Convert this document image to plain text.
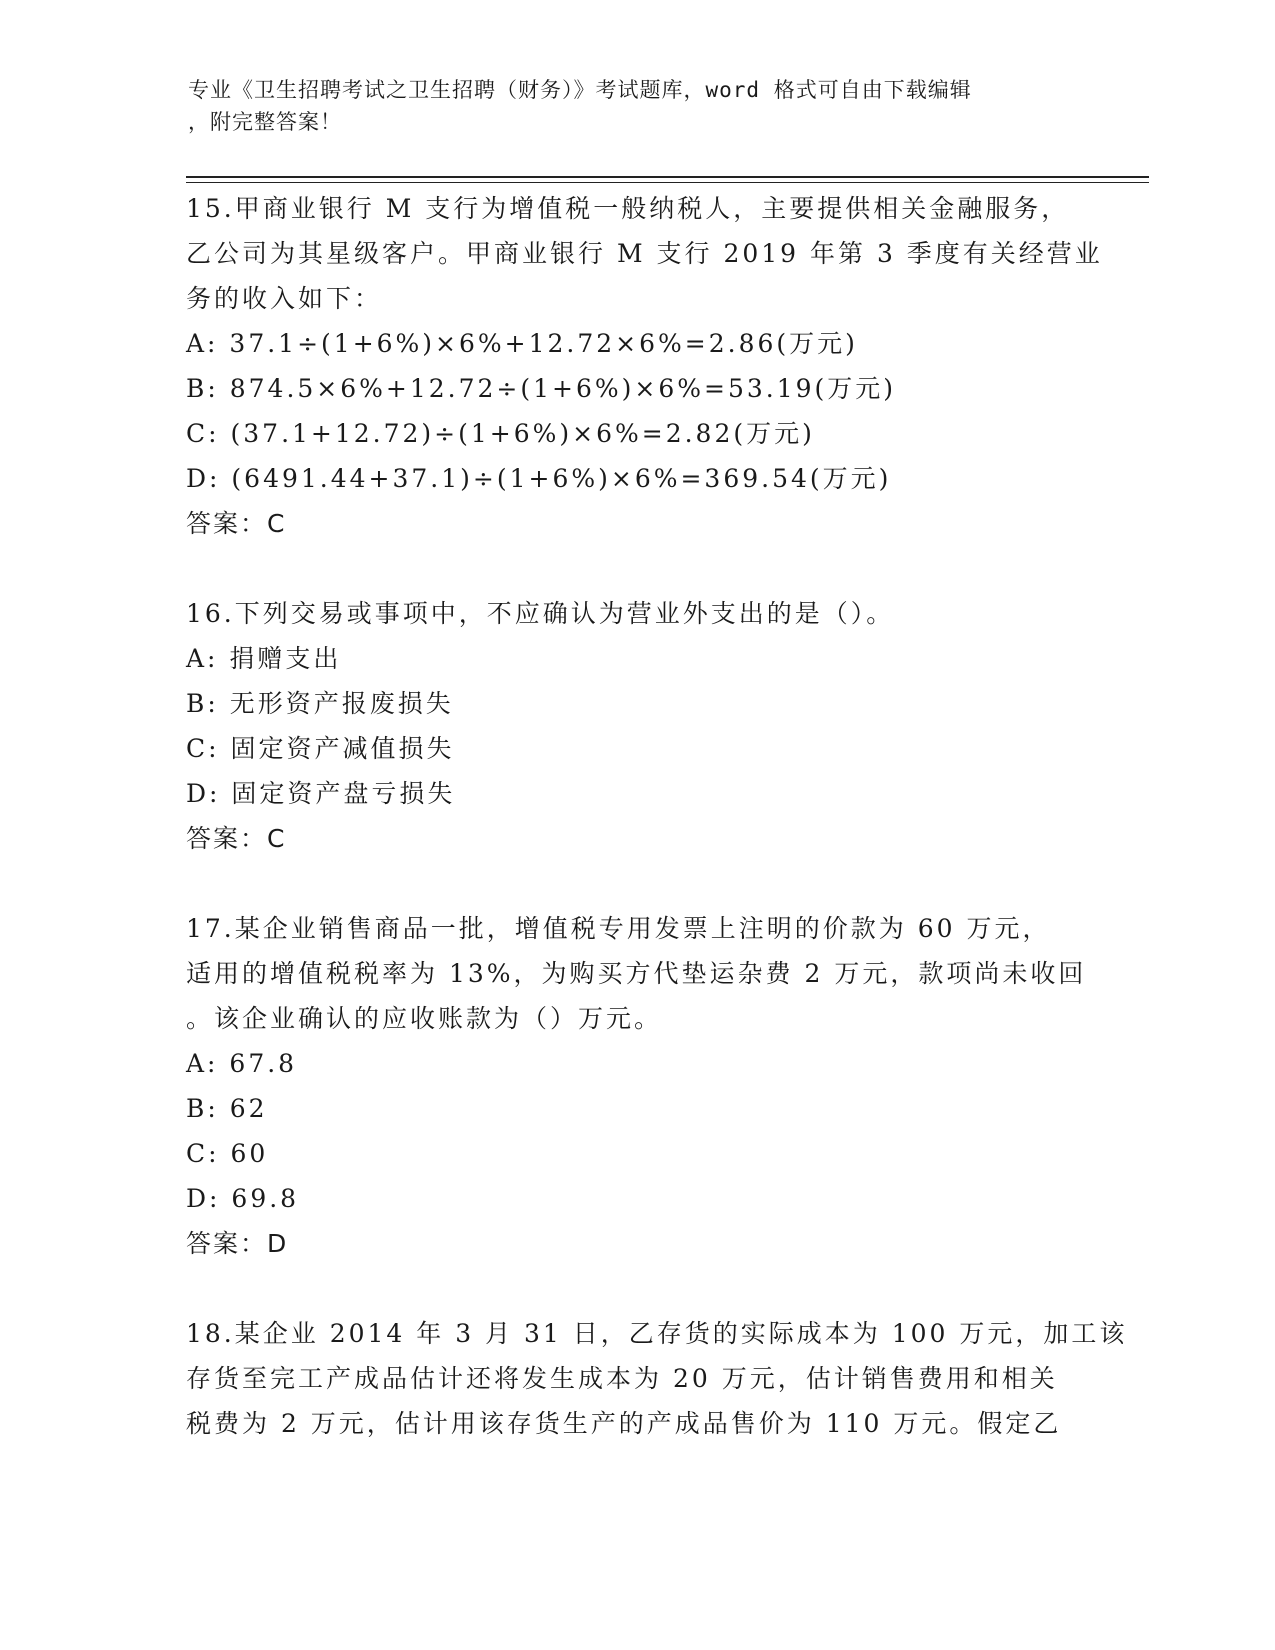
专业《卫生招聘考试之卫生招聘（财务）》考试题库，word 格式可自由下载编辑
，附完整答案！
15.甲商业银行 M 支行为增值税一般纳税人，主要提供相关金融服务，
乙公司为其星级客户。甲商业银行 M 支行 2019 年第 3 季度有关经营业
务的收入如下：
A: 37.1÷(1+6%)×6%+12.72×6%=2.86(万元)
B: 874.5×6%+12.72÷(1+6%)×6%=53.19(万元)
C: (37.1+12.72)÷(1+6%)×6%=2.82(万元)
D: (6491.44+37.1)÷(1+6%)×6%=369.54(万元)
答案：C
16.下列交易或事项中，不应确认为营业外支出的是（）。
A: 捐赠支出
B: 无形资产报废损失
C: 固定资产减值损失
D: 固定资产盘亏损失
答案：C
17.某企业销售商品一批，增值税专用发票上注明的价款为 60 万元，
适用的增值税税率为 13%，为购买方代垫运杂费 2 万元，款项尚未收回
。该企业确认的应收账款为（）万元。
A: 67.8
B: 62
C: 60
D: 69.8
答案：D
18.某企业 2014 年 3 月 31 日，乙存货的实际成本为 100 万元，加工该
存货至完工产成品估计还将发生成本为 20 万元，估计销售费用和相关
税费为 2 万元，估计用该存货生产的产成品售价为 110 万元。假定乙
